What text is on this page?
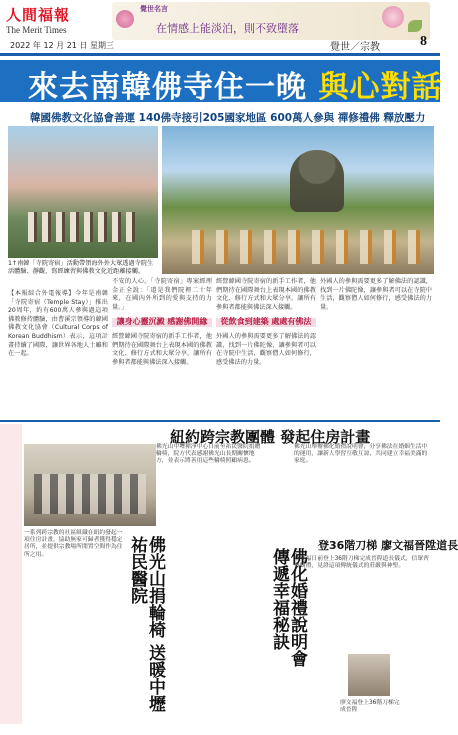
人間福報
The Merit Times
覺世名言
在情感上能淡泊，則不致墮落
2022 年 12 月 21 日 星期三	覺世／宗教	8
來去南韓佛寺住一晚 與心對話
韓國佛教文化協會善運 140佛寺接引205國家地區 600萬人參與 禪修禮佛 釋放壓力
1↑南韓「寺院寄宿」活動帶領海外外大眾透過寺院生活體驗、靜觀、寫經練習與佛教文化近距離接觸。
【本報綜合外電報導】今年是南韓「寺院寄宿（Temple Stay）」推出20周年，約有600萬人參與過這項佛教修持體驗，由曹溪宗領導的韓國佛教文化協會（Cultural Corps of Korean Buddhism）表示，這項計畫持續了國際，讓世界各地人士雖和在一起。
不安的人心。「寺院寄宿」專案經理金正全說：「道是我們院裡二十年來，在國內外所到的愛與支持的力量。」
讓身心靈沉澱 感謝佛開緣
經營韓國寺院寄宿的新手工作者，他們期待在國際舞台上表現本國的佛教文化、修行方式和大眾分享，讓所有參與者都能與佛法深入接觸。
經營韓國寺院寄宿的新手工作者，他們期待在國際舞台上表現本國的佛教文化、修行方式和大眾分享，讓所有參與者都能與佛法深入接觸。
從飲食到建築 處處有佛法
外國人的參與需要更多了解佛法的認識，找到一片佛陀像，讓參與者可以在寺院中生活，觀察僧人如何修行，感受佛法的力量。
外國人的參與需要更多了解佛法的認識，找到一片佛陀像，讓參與者可以在寺院中生活，觀察僧人如何修行，感受佛法的力量。
紐約跨宗教團體 發起住房計畫
一系列跨宗教的社區組織在紐約發起一項住房計畫，協助無家可歸者獲得穩定居所，並提供宗教場所閒置空間作為住所之用。	佛光山捐輪椅 送暖中壢祐民醫院
佛光山中壢禪淨中心日前至祐民醫院捐贈輪椅，院方代表感謝佛光山長期關懷地方，並表示將善用這些輪椅照顧病患。
佛化婚禮說明會 傳遞幸福秘訣
佛光山舉辦佛化婚禮說明會，分享佛法在婚姻生活中的運用，讓新人學習互敬互諒，共同建立幸福美滿的家庭。
登36階刀梯 廖文福晉陞道長
廖文福日前登上36階刀梯完成晉陞道長儀式，信眾齊聚觀禮，見證這項傳統儀式的莊嚴與神聖。
廖文福登上36階刀梯完成晉陞
